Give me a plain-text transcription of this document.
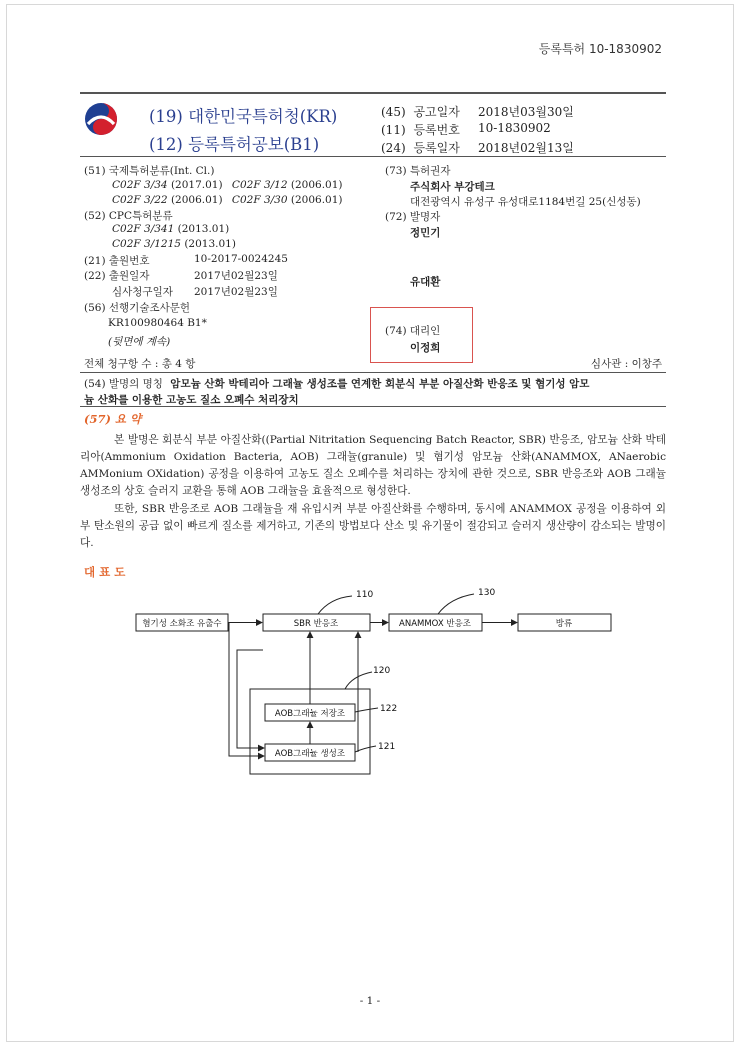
등록특허 10-1830902
(19) 대한민국특허청(KR)
(12) 등록특허공보(B1)
(45) 공고일자 2018년03월30일
(11) 등록번호 10-1830902
(24) 등록일자 2018년02월13일
(51) 국제특허분류(Int. Cl.)
C02F 3/34 (2017.01) C02F 3/12 (2006.01)
C02F 3/22 (2006.01) C02F 3/30 (2006.01)
(52) CPC특허분류
C02F 3/341 (2013.01)
C02F 3/1215 (2013.01)
(21) 출원번호	10-2017-0024245
(22) 출원일자	2017년02월23일
심사청구일자 2017년02월23일
(56) 선행기술조사문헌
KR100980464 B1*
(뒷면에 계속)
(73) 특허권자
주식회사 부강테크
대전광역시 유성구 유성대로1184번길 25(신성동)
(72) 발명자
정민기
유대환
(74) 대리인
이정희
전체 청구항 수 : 총 4 항	심사관 : 이창주
(54) 발명의 명칭 암모늄 산화 박테리아 그래뉼 생성조를 연계한 회분식 부분 아질산화 반응조 및 혐기성 암모
늄 산화를 이용한 고농도 질소 오폐수 처리장치
(57) 요 약
본 발명은 회분식 부분 아질산화((Partial Nitritation Sequencing Batch Reactor, SBR) 반응조, 암모늄 산화 박테리아(Ammonium Oxidation Bacteria, AOB) 그래뉼(granule) 및 혐기성 암모늄 산화(ANAMMOX, ANaerobic AMMonium OXidation) 공정을 이용하여 고농도 질소 오폐수를 처리하는 장치에 관한 것으로, SBR 반응조와 AOB 그래뉼 생성조의 상호 슬러지 교환을 통해 AOB 그래뉼을 효율적으로 형성한다.
또한, SBR 반응조로 AOB 그래뉼을 재 유입시켜 부분 아질산화를 수행하며, 동시에 ANAMMOX 공정을 이용하여 외부 탄소원의 공급 없이 빠르게 질소를 제거하고, 기존의 방법보다 산소 및 유기물이 절감되고 슬러지 생산량이 감소되는 발명이다.
대 표 도
혐기성 소화조 유출수	SBR 반응조	ANAMMOX 반응조	방류
AOB그래뉼 저장조
AOB그래뉼 생성조
110	130
120
122
121
- 1 -
